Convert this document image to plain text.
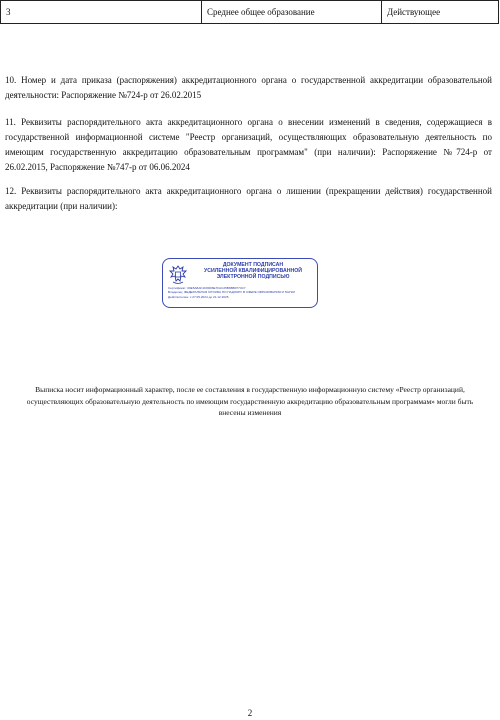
3	Среднее общее образование	Действующее

10. Номер и дата приказа (распоряжения) аккредитационного органа о государственной аккредитации образовательной деятельности: Распоряжение №724-р от 26.02.2015

11. Реквизиты распорядительного акта аккредитационного органа о внесении изменений в сведения, содержащиеся в государственной информационной системе "Реестр организаций, осуществляющих образовательную деятельность по имеющим государственную аккредитацию образовательным программам" (при наличии): Распоряжение №724-р от 26.02.2015, Распоряжение №747-р от 06.06.2024

12. Реквизиты распорядительного акта аккредитационного органа о лишении (прекращении действия) государственной аккредитации (при наличии):

ДОКУМЕНТ ПОДПИСАН
УСИЛЕННОЙ КВАЛИФИЦИРОВАННОЙ
ЭЛЕКТРОННОЙ ПОДПИСЬЮ
Сертификат: 00E5A8AF4C80D6E7FAC25B6BB0774C7
Владелец: ФЕДЕРАЛЬНАЯ СЛУЖБА ПО НАДЗОРУ В СФЕРЕ ОБРАЗОВАНИЯ И НАУКИ
Действителен: с 27.05.2024 до 21.12.2025

Выписка носит информационный характер, после ее составления в государственную информационную систему «Реестр организаций, осуществляющих образовательную деятельность по имеющим государственную аккредитацию образовательным программам» могли быть внесены изменения

2
